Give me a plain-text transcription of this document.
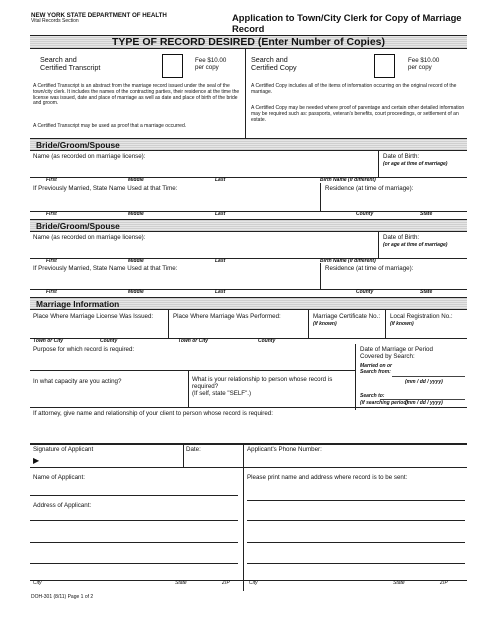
NEW YORK STATE DEPARTMENT OF HEALTH
Vital Records Section	Application to Town/City Clerk for Copy of Marriage Record
TYPE OF RECORD DESIRED (Enter Number of Copies)
Search and
Certified Transcript
Fee $10.00
per copy
A Certified Transcript is an abstract from the marriage record issued under the seal of the town/city clerk. It includes the names of the contracting parties, their residence at the time the license was issued, date and place of marriage as well as date and place of birth of the bride and groom.
A Certified Transcript may be used as proof that a marriage occurred.
Search and
Certified Copy
Fee $10.00
per copy
A Certified Copy includes all of the items of information occurring on the original record of the marriage.
A Certified Copy may be needed where proof of parentage and certain other detailed information may be required such as: passports, veteran's benefits, court proceedings, or settlement of an estate.
Bride/Groom/Spouse
Name (as recorded on marriage license):	Date of Birth:
(or age at time of marriage)
First	Middle	Last	Birth Name (if different)
If Previously Married, State Name Used at that Time:	Residence (at time of marriage):
First	Middle	Last	County	State
Bride/Groom/Spouse
Name (as recorded on marriage license):	Date of Birth:
(or age at time of marriage)
First	Middle	Last	Birth Name (if different)
If Previously Married, State Name Used at that Time:	Residence (at time of marriage):
First	Middle	Last	County	State
Marriage Information
Place Where Marriage License Was Issued:	Place Where Marriage Was Performed:	Marriage Certificate No.:
(if known)
Local Registration No.:
(if known)
Town or City	County	Town or City	County
Purpose for which record is required:	Date of Marriage or Period
Covered by Search:
Married on or
Search from:
(mm / dd / yyyy)
In what capacity are you acting?	What is your relationship to person whose record is required?
(If self, state "SELF".)	Search to:
(if searching period)
(mm / dd / yyyy)
If attorney, give name and relationship of your client to person whose record is required:
Signature of Applicant
▶
Date:	Applicant's Phone Number:
Name of Applicant:	Please print name and address where record is to be sent:
Address of Applicant:
City	State	ZIP	City	State	ZIP
DOH-301 (8/11) Page 1 of 2
